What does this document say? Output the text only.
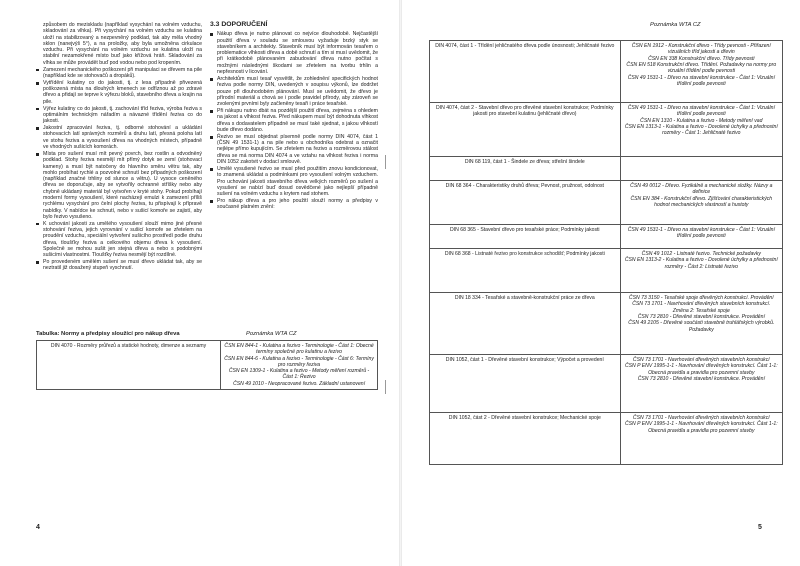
způsobem do meziskladu (například vysychání na volném vzduchu, skladování za vlhka). Při vysychání na volném vzduchu se kulatina uloží na stabilizovaný a nezpevněný podklad, tak aby měla vhodný sklon (nanejvýš 5°), a na proložky, aby byla umožněna cirkulace vzduchu. Při vysychání na volném vzduchu se kulatina uloží na stabilní nezamokřené místo buď jako křížová hráň. Skladování za vlhka se může provádět buď pod vodou nebo pod kropením.

Zamezení mechanického poškození při manipulaci se dřevem na pile (například kde se stohovačů a dropáků).
Vytřídění kulatiny co do jakosti, tj. z lesa případně přivezená poškozená místa na dlouhých kmenech se odříznou až po zdravé dřevo a přidají se teprve k výřezu bloků, stavebního dřeva a krajin na pile.
Výřez kulatiny co do jakosti, tj. zachování tříd řeziva, výroba řeziva s optimálním technickým nářadím a návazné třídění řeziva co do jakosti.
Jakostní zpracování řeziva, tj. odborné stohování a ukládání stohovacích latí správných rozměrů a druhu latí, přesná poloha latí ve stohu řeziva a vysoušení dřeva na vhodných místech, případně ve vhodných sušicích komorách.
Místa pro sušení musí mít pevný povrch, bez rostlin a odvodněný podklad. Stohy řeziva nesmějí mít přímý dotyk se zemí (stohovací kameny) a musí být natočeny do hlavního směru větru tak, aby mohlo probíhat rychlé a pozvolné schnutí bez případných poškození (například značné trhliny od slunce a větru). U vysoce ceněného dřeva se doporučuje, aby se vytvořily ochranné stříšky nebo aby chybně ukládaný materiál byl vytvořen v kryté stohy. Pokud probíhají moderní formy vysoušení, které nacházejí emulzi k zamezení příliš rychlému vysychání pro čelní plochy řeziva, tu přispívají k přípravě nabídky. V nabídce ke schnutí, nebo v sušicí komoře se zajistí, aby bylo řezivo vysušeno.
K uchování jakosti za umělého vysoušení slouží mimo jiné přesné stohování řeziva, jejich vyrovnání v sušicí komoře se zřetelem na proudění vzduchu, speciální vytvoření sušicího prostředí podle druhu dřeva, tloušťky řeziva a celkového objemu dřeva k vysoušení. Společně se mohou sušit jen stejná dřeva a nebo s podobnými sušicími vlastnostmi. Tloušťky řeziva nesmějí být rozdílné.
Po provedeném umělém sušení se musí dřevo ukládat tak, aby se neztratil již dosažený stupeň vyschnutí.
3.3 DOPORUČENÍ
Nákup dřeva je nutno plánovat co nejvíce dlouhodobě. Nejčastější použití dřeva v souladu se smlouvou vyžaduje brzký styk se stavebníkem a architekty. Stavebník musí být informován tesařem o problematice vlhkosti dřeva a době schnutí a tím si musí uvědomit, že při krátkodobě plánovaném zabudování dřeva nutno počítat s možnými následnými škodami se zřetelem na tvorbu trhlin a nepřesnosti v licování.
Architektům musí tesař vysvětlit, že zohlednění specifických hodnot řeziva podle normy DIN, uvedených v soupisu výkonů, lze dodržet pouze při dlouhodobém plánování. Musí se uvědomit, že dřevo je přírodní materiál a chová se i podle pravidel přírody, aby zároveň se zvolenými prvními byly začleněny tesaři i práce tesařské.
Při nákupu nutno dbát na pozdější použití dřeva, zejména s ohledem na jakost a vlhkost řeziva. Před nákupem musí být dohodnuta vlhkost dřeva s dodavatelem případně se musí také sjednat, s jakou vlhkostí bude dřevo dodáno.
Řezivo se musí objednat písemně podle normy DIN 4074, část 1 (ČSN 49 1531-1) a na pile nebo u obchodníka odebrat a označit nejlépe přímo kupujícím. Se zřetelem na řezivo a rozměrovou stálost dřeva se má norma DIN 4074 a ve vztahu na vlhkost řeziva i norma DIN 1052 zakotvit v dodací smlouvě.
Umělé vysušené řezivo se musí před použitím znovu kondicionovat, to znamená ukládat a podmínkami pro vysoušení volným vzduchem. Pro uchování jakosti stavebního dřeva velkých rozměrů po sušení a vysušení se nabízí buď dosud osvědčené jako nejlepší případně sušení na volném vzduchu s krytem nad stohem.
Pro nákup dřeva a pro jeho použití slouží normy a předpisy v současné platném znění:
Tabulka: Normy a předpisy sloužící pro nákup dřeva	Poznámka WTA CZ
DIN 4070 - Rozměry průřezů a statické hodnoty, dimenze a seznamy	ČSN EN 844-1 - Kulatina a řezivo - Terminologie - Část 1: Obecné termíny společné pro kulatinu a řezivo
ČSN EN 844-6 - Kulatina a řezivo - Terminologie - Část 6: Termíny pro rozměry řeziva
ČSN EN 1309-1 - Kulatina a řezivo - Metody měření rozměrů - Část 1: Řezivo
ČSN 49 1010 - Neopracované řezivo. Základní ustanovení
4
Poznámka WTA CZ
DIN 4074, část 1 - Třídění jehličnatého dřeva podle únosnosti; Jehličnaté řezivo	ČSN EN 1912 - Konstrukční dřevo - Třídy pevnosti - Přiřazení vizuálních tříd jakosti a dřevin
ČSN EN 338 Konstrukční dřevo. Třídy pevnosti
ČSN EN 518 Konstrukční dřevo. Třídění. Požadavky na normy pro vizuální třídění podle pevnosti
ČSN 49 1531-1 - Dřevo na stavební konstrukce - Část 1: Vizuální třídění podle pevnosti

DIN 4074, část 2 - Stavební dřevo pro dřevěné stavební konstrukce; Podmínky jakosti pro stavební kulatinu (jehličnaté dřevo)	ČSN 49 1531-1 - Dřevo na stavební konstrukce - Část 1: Vizuální třídění podle pevnosti
ČSN EN 1310 - Kulatina a řezivo - Metody měření vad
ČSN EN 1313-1 - Kulatina a řezivo - Dovolené úchylky a přednostní rozměry - Část 1: Jehličnaté řezivo

DIN 68 119, část 1 - Šindele ze dřeva; střešní šindele	
DIN 68 364 - Charakteristiky druhů dřeva; Pevnost, pružnost, odolnost	ČSN 49 0012 - Dřevo. Fyzikálně a mechanické složky. Názvy a definice
ČSN EN 384 - Konstrukční dřevo. Zjišťování charakteristických hodnot mechanických vlastností a hustoty

DIN 68 365 - Stavební dřevo pro tesařské práce; Podmínky jakosti	ČSN 49 1531-1 - Dřevo na stavební konstrukce - Část 1: Vizuální třídění podle pevnosti

DIN 68 368 - Listnaté řezivo pro konstrukce schodišť; Podmínky jakosti	ČSN 49 1012 - Listnaté řezivo. Technické požadavky
ČSN EN 1313-2 - Kulatina a řezivo - Dovolené úchylky a přednostní rozměry - Část 2: Listnaté řezivo

DIN 18 334 - Tesařské a stavebně-konstrukční práce ze dřeva	ČSN 73 3150 - Tesařské spoje dřevěných konstrukcí. Provádění
ČSN 73 1701 - Navrhování dřevěných stavebních konstrukcí. Změna 2: Tesařské spoje
ČSN 73 2810 - Dřevěné stavební konstrukce. Provádění
ČSN 49 2105 - Dřevěné součásti stavebně truhlářských výrobků. Požadavky

DIN 1052, část 1 - Dřevěné stavební konstrukce; Výpočet a provedení	ČSN 73 1701 - Navrhování dřevěných stavebních konstrukcí
ČSN P ENV 1995-1-1 - Navrhování dřevěných konstrukcí. Část 1-1: Obecná pravidla a pravidla pro pozemní stavby
ČSN 73 2810 - Dřevěné stavební konstrukce. Provádění

DIN 1052, část 2 - Dřevěné stavební konstrukce; Mechanické spoje	ČSN 73 1701 - Navrhování dřevěných stavebních konstrukcí
ČSN P ENV 1995-1-1 - Navrhování dřevěných konstrukcí. Část 1-1: Obecná pravidla a pravidla pro pozemní stavby
5
